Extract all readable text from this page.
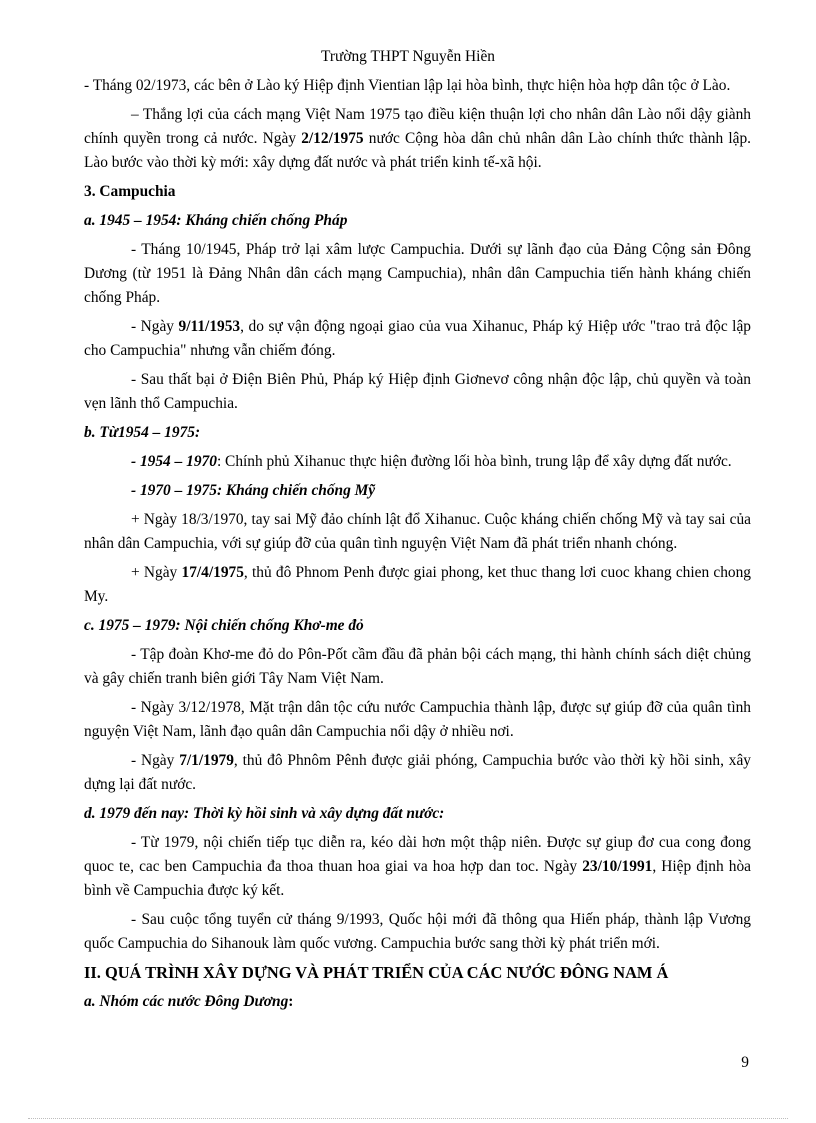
Trường THPT Nguyễn Hiền

- Tháng 02/1973, các bên ở Lào ký Hiệp định Vientian lập lại hòa bình, thực hiện hòa hợp dân tộc ở Lào.

– Thắng lợi của cách mạng Việt Nam 1975 tạo điều kiện thuận lợi cho nhân dân Lào nổi dậy giành chính quyền trong cả nước. Ngày 2/12/1975 nước Cộng hòa dân chủ nhân dân Lào chính thức thành lập. Lào bước vào thời kỳ mới: xây dựng đất nước và phát triển kinh tế-xã hội.

3. Campuchia

a. 1945 – 1954: Kháng chiến chống Pháp

- Tháng 10/1945, Pháp trở lại xâm lược Campuchia. Dưới sự lãnh đạo của Đảng Cộng sản Đông Dương (từ 1951 là Đảng Nhân dân cách mạng Campuchia), nhân dân Campuchia tiến hành kháng chiến chống Pháp.

- Ngày 9/11/1953, do sự vận động ngoại giao của vua Xihanuc, Pháp ký Hiệp ước "trao trả độc lập cho Campuchia" nhưng vẫn chiếm đóng.

- Sau thất bại ở Điện Biên Phủ, Pháp ký Hiệp định Giơnevơ công nhận độc lập, chủ quyền và toàn vẹn lãnh thổ Campuchia.

b. Từ1954 – 1975:

- 1954 – 1970: Chính phủ Xihanuc thực hiện đường lối hòa bình, trung lập để xây dựng đất nước.

- 1970 – 1975: Kháng chiến chống Mỹ

+ Ngày 18/3/1970, tay sai Mỹ đảo chính lật đổ Xihanuc. Cuộc kháng chiến chống Mỹ và tay sai của nhân dân Campuchia, với sự giúp đỡ của quân tình nguyện Việt Nam đã phát triển nhanh chóng.

+ Ngày 17/4/1975, thủ đô Phnom Penh được giai phong, ket thuc thang lơi cuoc khang chien chong My.

c. 1975 – 1979: Nội chiến chống Khơ-me đỏ

- Tập đoàn Khơ-me đỏ do Pôn-Pốt cầm đầu đã phản bội cách mạng, thi hành chính sách diệt chủng và gây chiến tranh biên giới Tây Nam Việt Nam.

- Ngày 3/12/1978, Mặt trận dân tộc cứu nước Campuchia thành lập, được sự giúp đỡ của quân tình nguyện Việt Nam, lãnh đạo quân dân Campuchia nổi dậy ở nhiều nơi.

- Ngày 7/1/1979, thủ đô Phnôm Pênh được giải phóng, Campuchia bước vào thời kỳ hồi sinh, xây dựng lại đất nước.

d. 1979 đến nay: Thời kỳ hồi sinh và xây dựng đất nước:

- Từ 1979, nội chiến tiếp tục diễn ra, kéo dài hơn một thập niên. Được sự giup đơ cua cong đong quoc te, cac ben Campuchia đa thoa thuan hoa giai va hoa hợp dan toc. Ngày 23/10/1991, Hiệp định hòa bình về Campuchia được ký kết.

- Sau cuộc tổng tuyển cử tháng 9/1993, Quốc hội mới đã thông qua Hiến pháp, thành lập Vương quốc Campuchia do Sihanouk làm quốc vương. Campuchia bước sang thời kỳ phát triển mới.

II. QUÁ TRÌNH XÂY DỰNG VÀ PHÁT TRIỂN CỦA CÁC NƯỚC ĐÔNG NAM Á

a. Nhóm các nước Đông Dương:

9
